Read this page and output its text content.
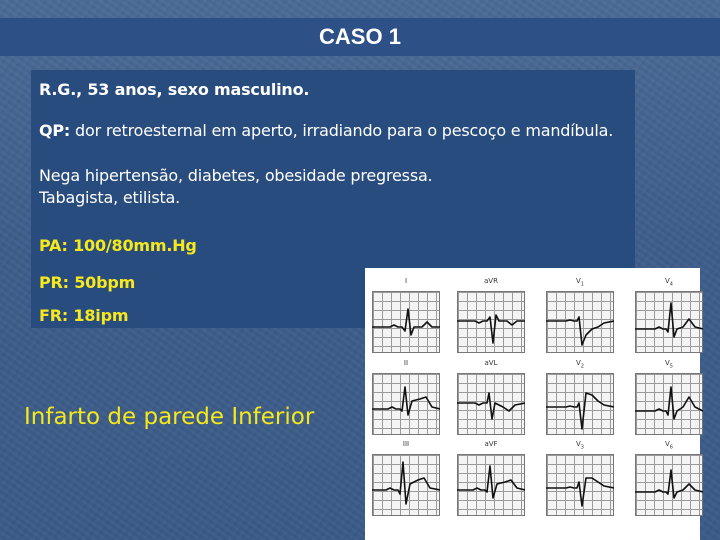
CASO 1
R.G., 53 anos, sexo masculino.
QP: dor retroesternal em aperto, irradiando para o pescoço e mandíbula.
Nega hipertensão, diabetes, obesidade pregressa.
Tabagista, etilista.
PA: 100/80mm.Hg
PR: 50bpm
FR: 18ipm
Infarto de parede Inferior
I	aVR	$V_1$	$V_4$
II	aVL	$V_2$	$V_5$
III	aVF	$V_3$	$V_6$
